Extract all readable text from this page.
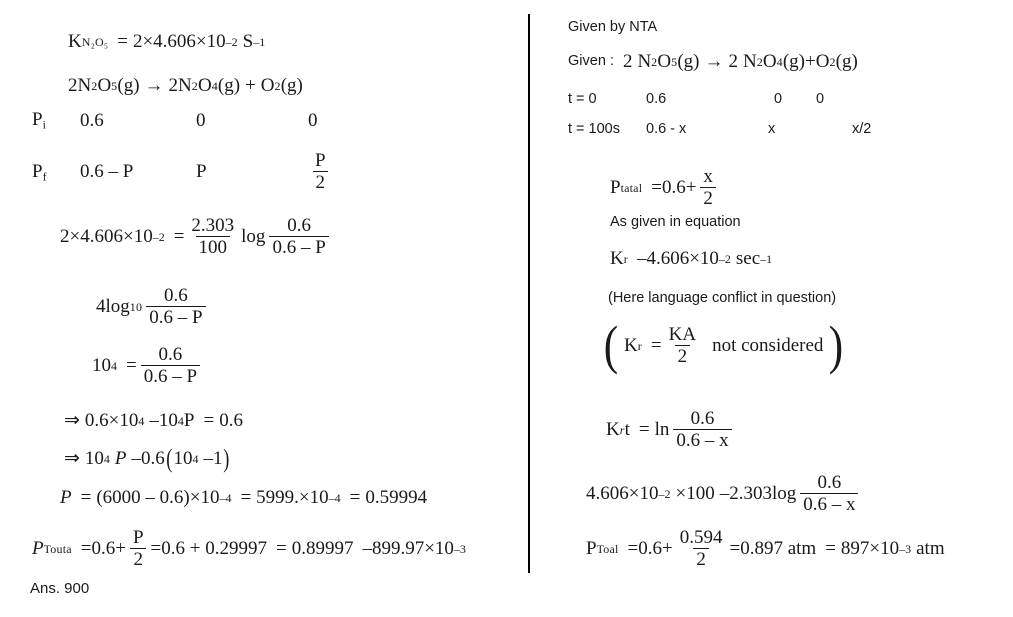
K N₂O₅ = 2 × 4.606 × 10 –2 S –1
2 N 2 O 5 (g) → 2 N 2 O 4 (g) + O 2 (g)
$P_i$	0.6	0	0
$P_f$	0.6 – P	P	$\frac{P}{2}$
2 × 4.606 × 10 $-2 = \frac{2.303}{100}$ $\log \frac{0.6}{0.6 - P}$
4 $\log 10 \frac{0.6}{0.6 - P}$
10 $4 = \frac{0.6}{0.6 - P}$
⇒ 0.6 × 10 4 – 10 4 P = 0.6
⇒ 10 4 P – 0.6 ( 10 4 – 1 )
P = (6000 – 0.6) × 10 –4 = 5999. × 10 –4 = 0.59994
P Touta = $0.6 + \frac{P}{2} = 0.6 + 0.29997 = 0.89997 - 899.97 \times 10$ –3
Ans. 900
Given by NTA
Given : 2 N 2 O 5 (g) → 2 N 2 O 4 (g) + O 2 (g)
t = 0	0.6	0	0
t = 100s	0.6 - x	x	x/2
P tatal = $0.6 + \frac{x}{2}$
As given in equation
K r – 4.606 × 10 –2 sec –1
(Here language conflict in question)
( K $r = \frac{KA}{2}$ not considered )
K r $t = \ln \frac{0.6}{0.6 - x}$
4.606 × 10 –2 × 100 – 2.303 $\log \frac{0.6}{0.6 - x}$
P Toal = $0.6 + \frac{0.594}{2} = 0.897$ atm = 897 × 10 –3 atm
